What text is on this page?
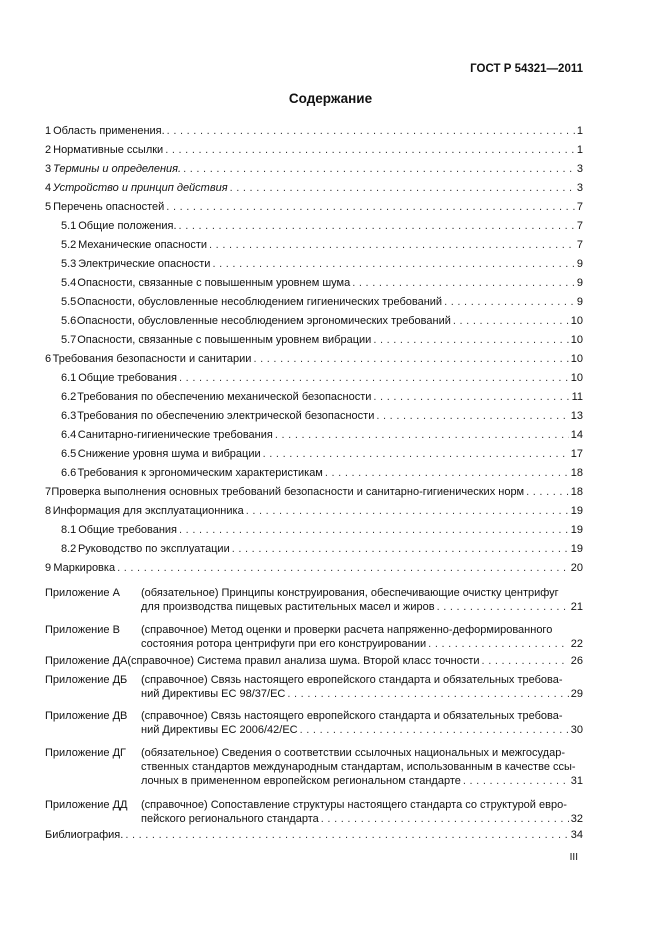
ГОСТ Р 54321—2011
Содержание
1 Область применения. .....	1
2 Нормативные ссылки .....	1
3 Термины и определения. .....	3
4 Устройство и принцип действия .....	3
5 Перечень опасностей .....	7
5.1 Общие положения. .....	7
5.2 Механические опасности .....	7
5.3 Электрические опасности .....	9
5.4 Опасности, связанные с повышенным уровнем шума .....	9
5.5 Опасности, обусловленные несоблюдением гигиенических требований .....	9
5.6 Опасности, обусловленные несоблюдением эргономических требований .....	10
5.7 Опасности, связанные с повышенным уровнем вибрации .....	10
6 Требования безопасности и санитарии .....	10
6.1 Общие требования .....	10
6.2 Требования по обеспечению механической безопасности .....	11
6.3 Требования по обеспечению электрической безопасности .....	13
6.4 Санитарно-гигиенические требования .....	14
6.5 Снижение уровня шума и вибрации .....	17
6.6 Требования к эргономическим характеристикам .....	18
7 Проверка выполнения основных требований безопасности и санитарно-гигиенических норм .....	18
8 Информация для эксплуатационника .....	19
8.1 Общие требования .....	19
8.2 Руководство по эксплуатации .....	19
9 Маркировка .....	20
Приложение А	(обязательное) Принципы конструирования, обеспечивающие очистку центрифуг
для производства пищевых растительных масел и жиров .....	21
Приложение В	(справочное) Метод оценки и проверки расчета напряженно-деформированного
состояния ротора центрифуги при его конструировании .....	22
Приложение ДА (справочное) Система правил анализа шума. Второй класс точности .....	26
Приложение ДБ	(справочное) Связь настоящего европейского стандарта и обязательных требова-
ний Директивы ЕС 98/37/ЕС .....	29
Приложение ДВ	(справочное) Связь настоящего европейского стандарта и обязательных требова-
ний Директивы ЕС 2006/42/ЕС .....	30
Приложение ДГ	(обязательное) Сведения о соответствии ссылочных национальных и межгосудар-
ственных стандартов международным стандартам, использованным в качестве ссы-
лочных в примененном европейском региональном стандарте .....	31
Приложение ДД	(справочное) Сопоставление структуры настоящего стандарта со структурой евро-
пейского регионального стандарта .....	32
Библиография. .....	34
III
